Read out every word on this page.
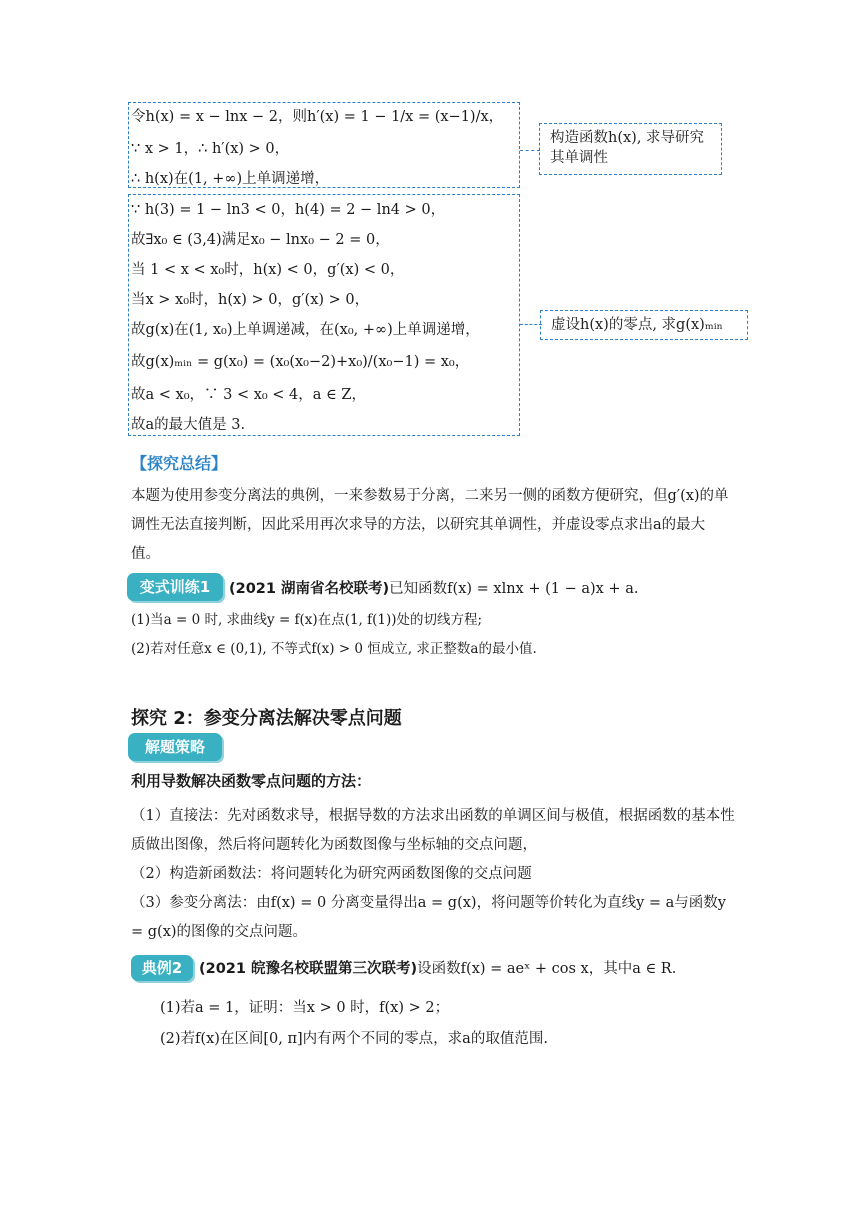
令h(x) = x − lnx − 2，则h′(x) = 1 − 1/x = (x−1)/x，
∵ x > 1，∴ h′(x) > 0，
∴ h(x)在(1, +∞)上单调递增，
构造函数h(x), 求导研究其单调性
∵ h(3) = 1 − ln3 < 0，h(4) = 2 − ln4 > 0，
故∃x₀ ∈ (3,4)满足x₀ − lnx₀ − 2 = 0，
当 1 < x < x₀时，h(x) < 0，g′(x) < 0，
当x > x₀时，h(x) > 0，g′(x) > 0，
故g(x)在(1, x₀)上单调递减，在(x₀, +∞)上单调递增，
故g(x)ₘᵢₙ = g(x₀) = (x₀(x₀−2)+x₀)/(x₀−1) = x₀，
故a < x₀，∵ 3 < x₀ < 4，a ∈ Z，
故a的最大值是 3.
虚设h(x)的零点, 求g(x)ₘᵢₙ
【探究总结】
本题为使用参变分离法的典例，一来参数易于分离，二来另一侧的函数方便研究，但g′(x)的单调性无法直接判断，因此采用再次求导的方法，以研究其单调性，并虚设零点求出a的最大值。
变式训练1	(2021 湖南省名校联考)已知函数f(x) = xlnx + (1 − a)x + a.
(1)当a = 0 时, 求曲线y = f(x)在点(1, f(1))处的切线方程;
(2)若对任意x ∈ (0,1), 不等式f(x) > 0 恒成立, 求正整数a的最小值.
探究 2：参变分离法解决零点问题
解题策略
利用导数解决函数零点问题的方法：
（1）直接法：先对函数求导，根据导数的方法求出函数的单调区间与极值，根据函数的基本性质做出图像，然后将问题转化为函数图像与坐标轴的交点问题，
（2）构造新函数法：将问题转化为研究两函数图像的交点问题
（3）参变分离法：由f(x) = 0 分离变量得出a = g(x)，将问题等价转化为直线y = a与函数y = g(x)的图像的交点问题。
典例2	(2021 皖豫名校联盟第三次联考)设函数f(x) = aeˣ + cos x，其中a ∈ R.
(1)若a = 1，证明：当x > 0 时，f(x) > 2；
(2)若f(x)在区间[0, π]内有两个不同的零点，求a的取值范围.
